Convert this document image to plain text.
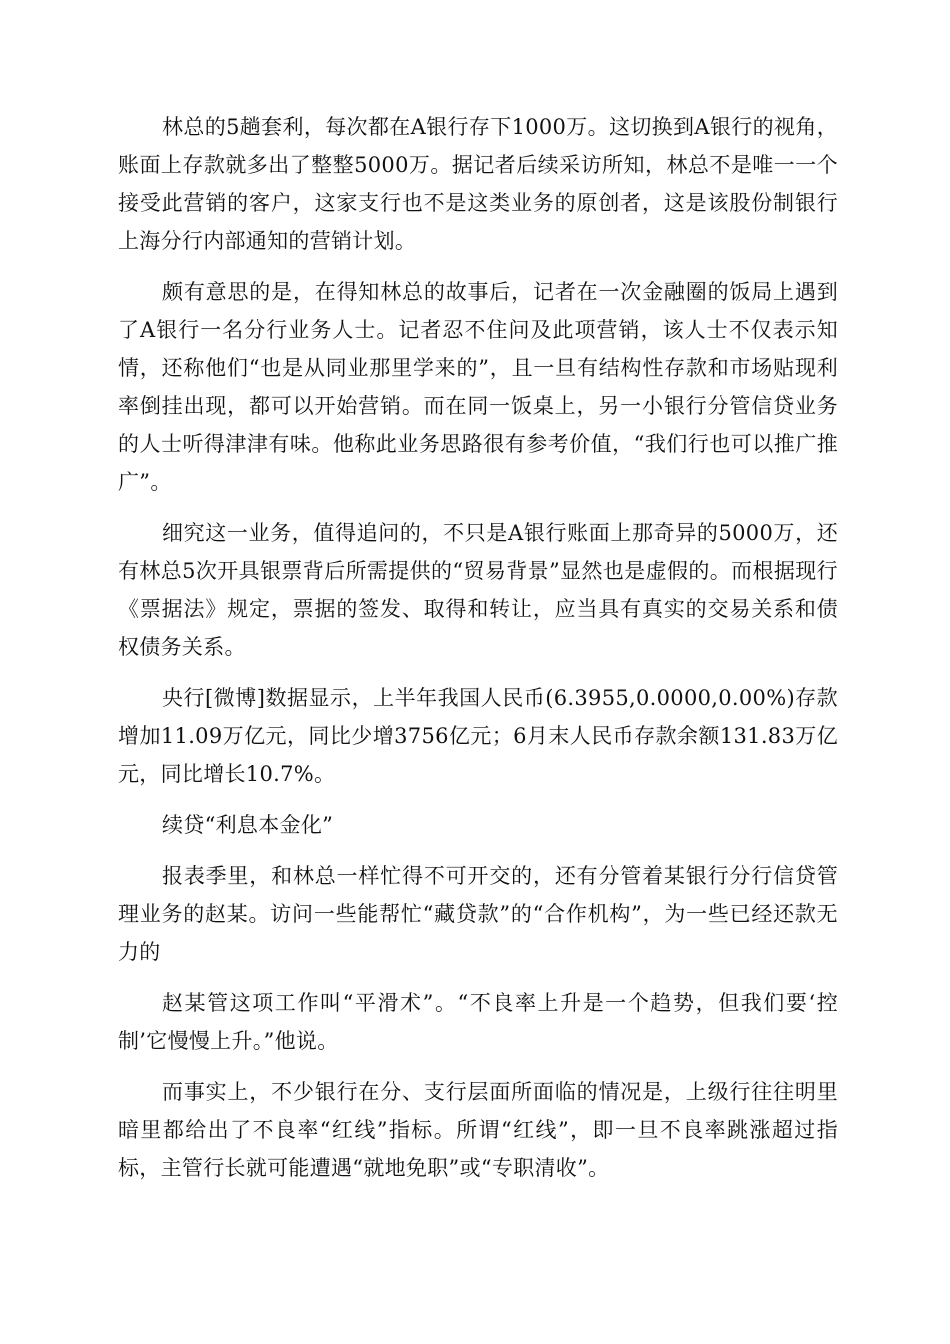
林总的5趟套利，每次都在A银行存下1000万。这切换到A银行的视角，账面上存款就多出了整整5000万。据记者后续采访所知，林总不是唯一一个接受此营销的客户，这家支行也不是这类业务的原创者，这是该股份制银行上海分行内部通知的营销计划。

颇有意思的是，在得知林总的故事后，记者在一次金融圈的饭局上遇到了A银行一名分行业务人士。记者忍不住问及此项营销，该人士不仅表示知情，还称他们“也是从同业那里学来的”，且一旦有结构性存款和市场贴现利率倒挂出现，都可以开始营销。而在同一饭桌上，另一小银行分管信贷业务的人士听得津津有味。他称此业务思路很有参考价值，“我们行也可以推广推广”。

细究这一业务，值得追问的，不只是A银行账面上那奇异的5000万，还有林总5次开具银票背后所需提供的“贸易背景”显然也是虚假的。而根据现行《票据法》规定，票据的签发、取得和转让，应当具有真实的交易关系和债权债务关系。

央行[微博]数据显示，上半年我国人民币(6.3955,0.0000,0.00%)存款增加11.09万亿元，同比少增3756亿元；6月末人民币存款余额131.83万亿元，同比增长10.7%。

续贷“利息本金化”

报表季里，和林总一样忙得不可开交的，还有分管着某银行分行信贷管理业务的赵某。访问一些能帮忙“藏贷款”的“合作机构”，为一些已经还款无力的

赵某管这项工作叫“平滑术”。“不良率上升是一个趋势，但我们要‘控制’它慢慢上升。”他说。

而事实上，不少银行在分、支行层面所面临的情况是，上级行往往明里暗里都给出了不良率“红线”指标。所谓“红线”，即一旦不良率跳涨超过指标，主管行长就可能遭遇“就地免职”或“专职清收”。
